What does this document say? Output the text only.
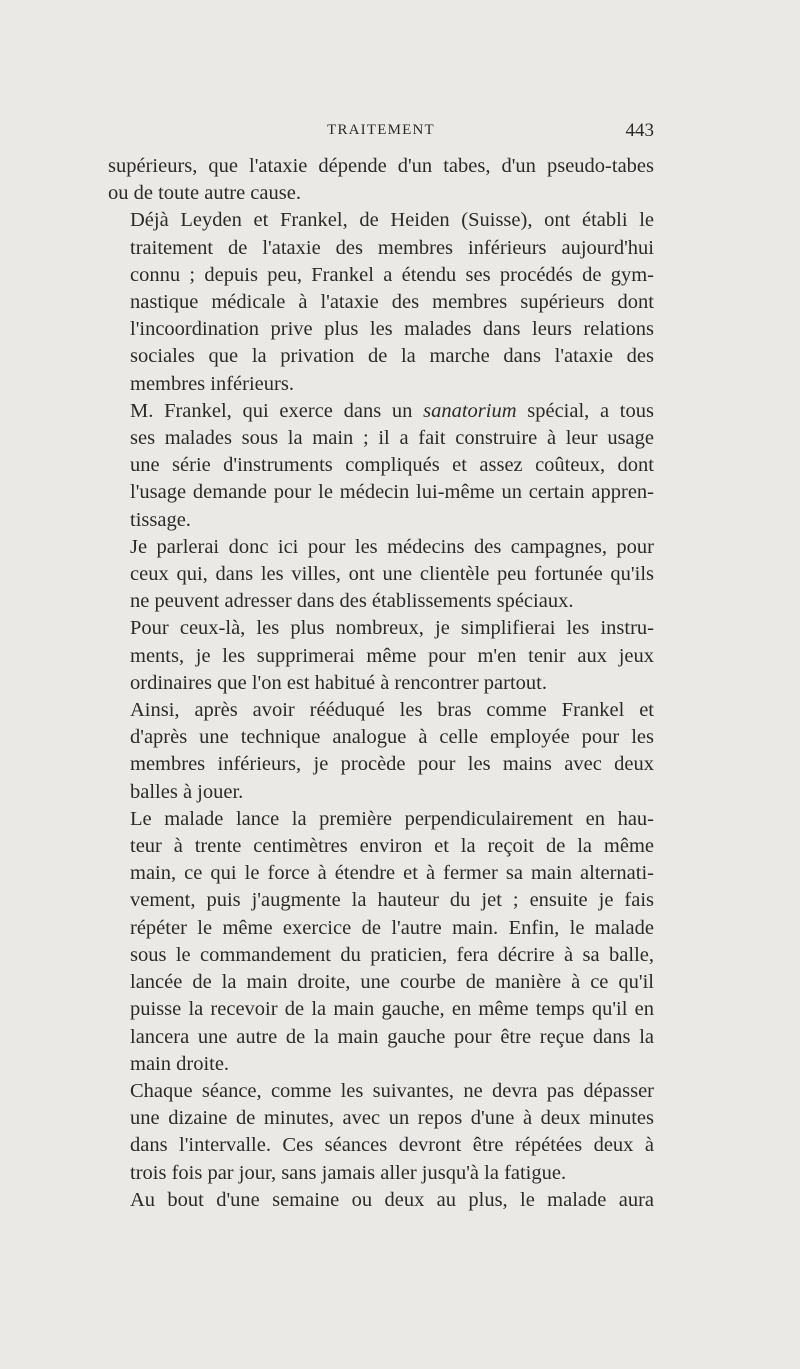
TRAITEMENT	443

supérieurs, que l'ataxie dépende d'un tabes, d'un pseudo-tabes
ou de toute autre cause.

Déjà Leyden et Frankel, de Heiden (Suisse), ont établi le
traitement de l'ataxie des membres inférieurs aujourd'hui
connu ; depuis peu, Frankel a étendu ses procédés de gym-
nastique médicale à l'ataxie des membres supérieurs dont
l'incoordination prive plus les malades dans leurs relations
sociales que la privation de la marche dans l'ataxie des
membres inférieurs.

M. Frankel, qui exerce dans un sanatorium spécial, a tous
ses malades sous la main ; il a fait construire à leur usage
une série d'instruments compliqués et assez coûteux, dont
l'usage demande pour le médecin lui-même un certain appren-
tissage.

Je parlerai donc ici pour les médecins des campagnes, pour
ceux qui, dans les villes, ont une clientèle peu fortunée qu'ils
ne peuvent adresser dans des établissements spéciaux.

Pour ceux-là, les plus nombreux, je simplifierai les instru-
ments, je les supprimerai même pour m'en tenir aux jeux
ordinaires que l'on est habitué à rencontrer partout.

Ainsi, après avoir rééduqué les bras comme Frankel et
d'après une technique analogue à celle employée pour les
membres inférieurs, je procède pour les mains avec deux
balles à jouer.

Le malade lance la première perpendiculairement en hau-
teur à trente centimètres environ et la reçoit de la même
main, ce qui le force à étendre et à fermer sa main alternati-
vement, puis j'augmente la hauteur du jet ; ensuite je fais
répéter le même exercice de l'autre main. Enfin, le malade
sous le commandement du praticien, fera décrire à sa balle,
lancée de la main droite, une courbe de manière à ce qu'il
puisse la recevoir de la main gauche, en même temps qu'il en
lancera une autre de la main gauche pour être reçue dans la
main droite.

Chaque séance, comme les suivantes, ne devra pas dépasser
une dizaine de minutes, avec un repos d'une à deux minutes
dans l'intervalle. Ces séances devront être répétées deux à
trois fois par jour, sans jamais aller jusqu'à la fatigue.

Au bout d'une semaine ou deux au plus, le malade aura
